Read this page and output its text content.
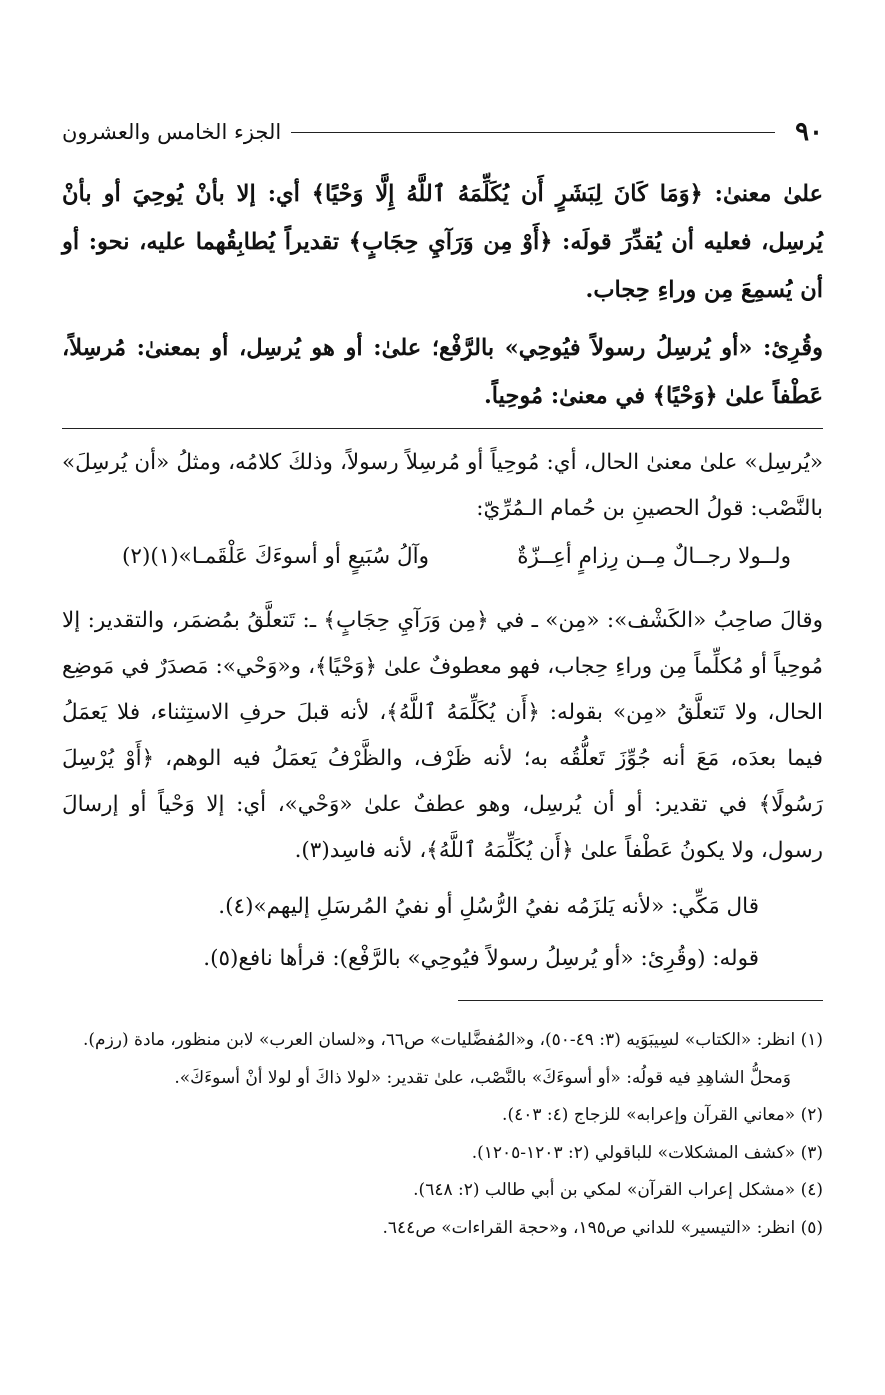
٩٠
الجزء الخامس والعشرون

علىٰ معنىٰ: ﴿وَمَا كَانَ لِبَشَرٍ أَن يُكَلِّمَهُ ٱللَّهُ إِلَّا وَحْيًا﴾ أي: إلا بأنْ يُوحِيَ أو بأنْ يُرسِل، فعليه أن يُقدِّرَ قولَه: ﴿أَوْ مِن وَرَآيِ حِجَابٍ﴾ تقديراً يُطابِقُهما عليه، نحو: أو أن يُسمِعَ مِن وراءِ حِجاب.

وقُرِئ: «أو يُرسِلُ رسولاً فيُوحِي» بالرَّفْع؛ علىٰ: أو هو يُرسِل، أو بمعنىٰ: مُرسِلاً، عَطْفاً علىٰ ﴿وَحْيًا﴾ في معنىٰ: مُوحِياً.

«يُرسِل» علىٰ معنىٰ الحال، أي: مُوحِياً أو مُرسِلاً رسولاً، وذلكَ كلامُه، ومثلُ «أن يُرسِلَ» بالنَّصْب: قولُ الحصينِ بن حُمام الـمُرِّيّ:

ولــولا رجــالٌ مِــن رِزامٍ أعِــزّةٌ
وآلُ سُبَيعٍ أو أسوءَكَ عَلْقَمـا»(١)(٢)

وقالَ صاحِبُ «الكَشْف»: «مِن» ـ في ﴿مِن وَرَآيِ حِجَابٍ﴾ ـ: تَتعلَّقُ بمُضمَر، والتقدير: إلا مُوحِياً أو مُكلِّماً مِن وراءِ حِجاب، فهو معطوفٌ علىٰ ﴿وَحْيًا﴾، و«وَحْي»: مَصدَرٌ في مَوضِع الحال، ولا تَتعلَّقُ «مِن» بقوله: ﴿أَن يُكَلِّمَهُ ٱللَّهُ﴾، لأنه قبلَ حرفِ الاستِثناء، فلا يَعمَلُ فيما بعدَه، مَعَ أنه جُوِّزَ تَعلُّقُه به؛ لأنه ظَرْف، والظَّرْفُ يَعمَلُ فيه الوهم، ﴿أَوْ يُرْسِلَ رَسُولًا﴾ في تقدير: أو أن يُرسِل، وهو عطفٌ علىٰ «وَحْي»، أي: إلا وَحْياً أو إرسالَ رسول، ولا يكونُ عَطْفاً علىٰ ﴿أَن يُكَلِّمَهُ ٱللَّهُ﴾، لأنه فاسِد(٣).

قال مَكِّي: «لأنه يَلزَمُه نفيُ الرُّسُلِ أو نفيُ المُرسَلِ إليهم»(٤).

قوله: (وقُرِئ: «أو يُرسِلُ رسولاً فيُوحِي» بالرَّفْع): قرأها نافع(٥).

(١) انظر: «الكتاب» لسِيبَوَيه (٣: ٤٩-٥٠)، و«المُفضَّليات» ص٦٦، و«لسان العرب» لابن منظور، مادة (رزم).

وَمحلُّ الشاهِدِ فيه قولُه: «أو أسوءَكَ» بالنَّصْب، علىٰ تقدير: «لولا ذاكَ أو لولا أنْ أسوءَكَ».

(٢) «معاني القرآن وإعرابه» للزجاج (٤: ٤٠٣).

(٣) «كشف المشكلات» للباقولي (٢: ١٢٠٣-١٢٠٥).

(٤) «مشكل إعراب القرآن» لمكي بن أبي طالب (٢: ٦٤٨).

(٥) انظر: «التيسير» للداني ص١٩٥، و«حجة القراءات» ص٦٤٤.
